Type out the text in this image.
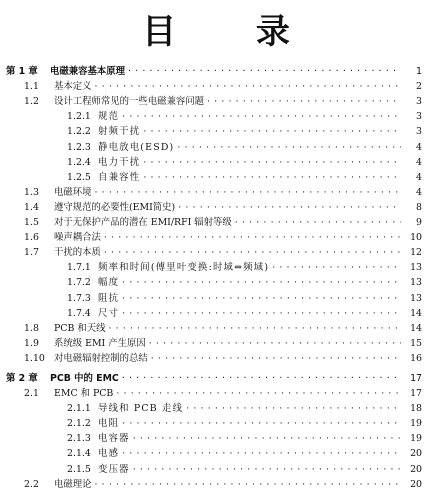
目 录
第 1 章	电磁兼容基本原理 · · ·	1
1.1	基本定义 · · ·	2
1.2	设计工程师常见的一些电磁兼容问题 · · ·	3
1.2.1 规范 · · ·	3
1.2.2 射频干扰 · · ·	3
1.2.3 静电放电(ESD) · · ·	4
1.2.4 电力干扰 · · ·	4
1.2.5 自兼容性 · · ·	4
1.3	电磁环境 · · ·	4
1.4	遵守规范的必要性(EMI简史) · · ·	8
1.5	对于无保护产品的潜在 EMI/RFI 辐射等级 · · ·	9
1.6	噪声耦合法 · · ·	10
1.7	干扰的本质 · · ·	12
1.7.1 频率和时间(傅里叶变换:时域⇔频域) · · ·	13
1.7.2 幅度 · · ·	13
1.7.3 阻抗 · · ·	13
1.7.4 尺寸 · · ·	14
1.8	PCB 和天线 · · ·	14
1.9	系统级 EMI 产生原因 · · ·	15
1.10 对电磁辐射控制的总结 · · ·	16
第 2 章	PCB 中的 EMC · · ·	17
2.1	EMC 和 PCB · · ·	17
2.1.1 导线和 PCB 走线 · · ·	18
2.1.2 电阻 · · ·	19
2.1.3 电容器 · · ·	19
2.1.4 电感 · · ·	20
2.1.5 变压器 · · ·	20
2.2	电磁理论 · · ·	20
